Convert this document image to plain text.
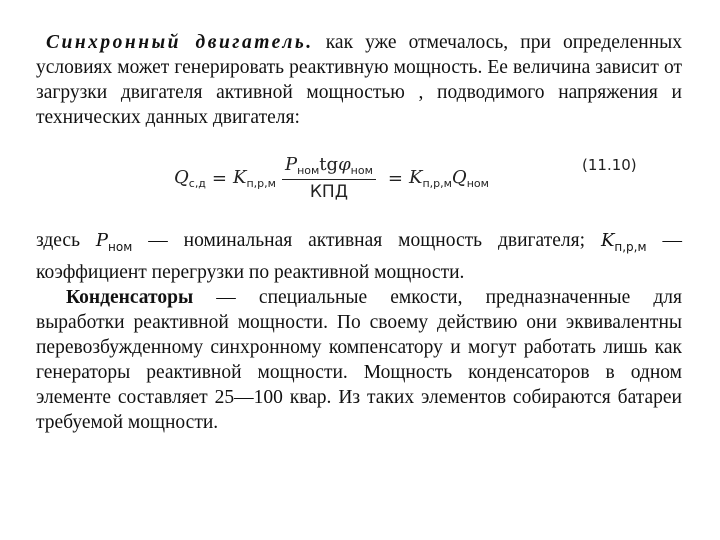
Синхронный двигатель. как уже отмечалось, при определенных условиях может генерировать реактивную мощность. Ее величина зависит от загрузки двигателя активной мощностью , подводимого напряжения и технических данных двигателя:

$Q_{с,д} = K_{п,р,м} \frac{P_{ном}tg\varphi_{ном}}{\text{КПД}} = K_{п,р,м}$ $Q_{ном}$
(11.10)

здесь $P_{ном}$ — номинальная активная мощность двигателя; $K_{п,р,м}$ — коэффициент перегрузки по реактивной мощности.

Конденсаторы — специальные емкости, предназначенные для выработки реактивной мощности. По своему действию они эквивалентны перевозбужденному синхронному компенсатору и могут работать лишь как генераторы реактивной мощности. Мощность конденсаторов в одном элементе составляет 25—100 квар. Из таких элементов собираются батареи требуемой мощности.
